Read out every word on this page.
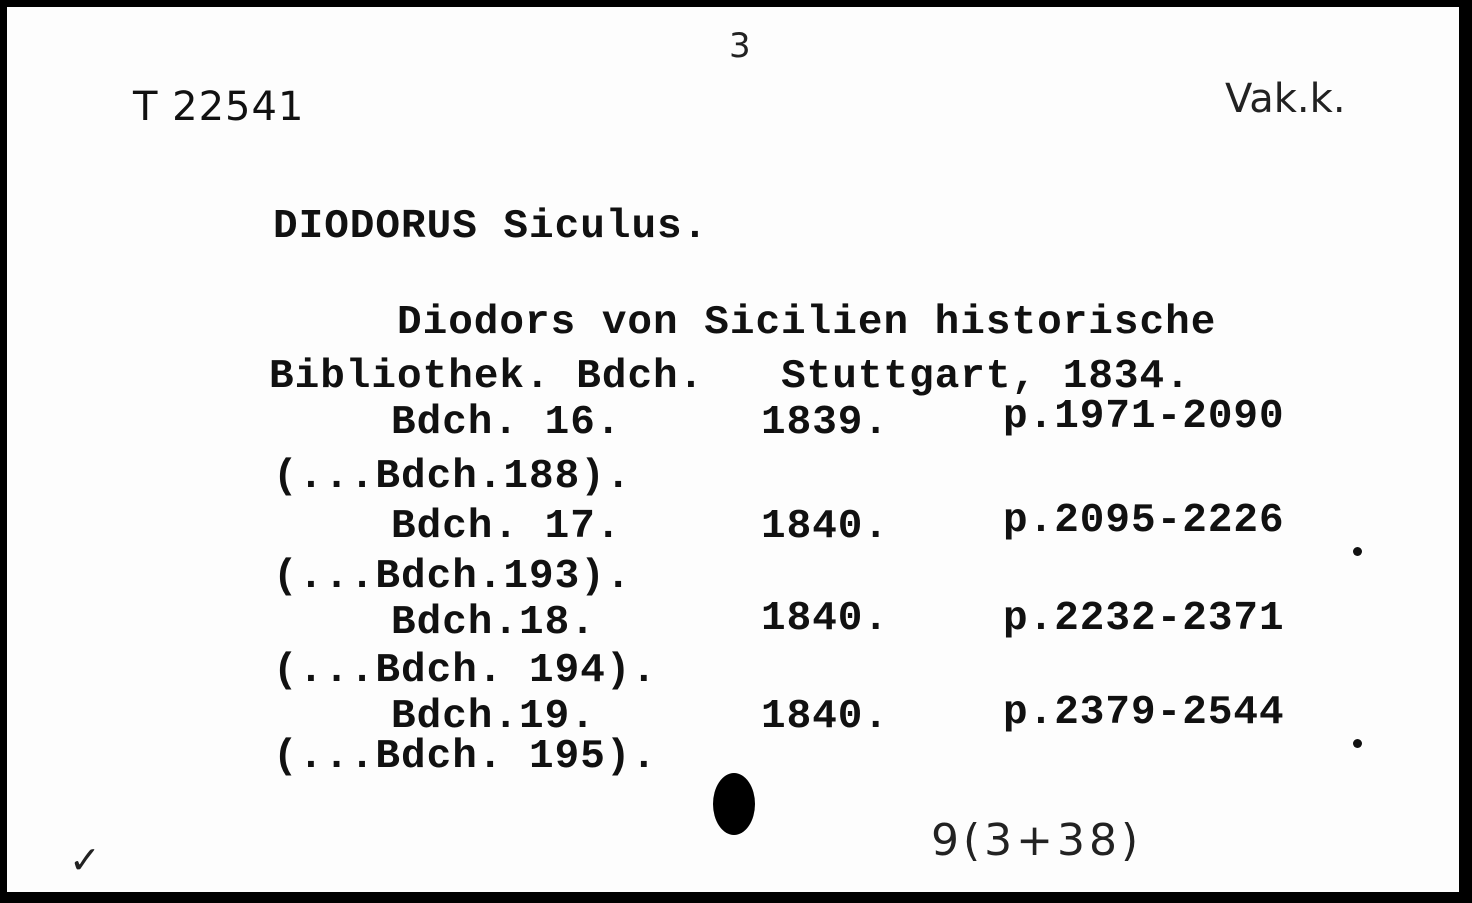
3
T 22541	Vak.k.
DIODORUS Siculus.
Diodors von Sicilien historische
Bibliothek. Bdch.   Stuttgart, 1834.
Bdch. 16.	1839.	p.1971-2090
(...Bdch.188).
Bdch. 17.	1840.	p.2095-2226
(...Bdch.193).
Bdch.18.	1840.	p.2232-2371
(...Bdch. 194).
Bdch.19.	1840.	p.2379-2544
(...Bdch. 195).
9(3+38)
✓
